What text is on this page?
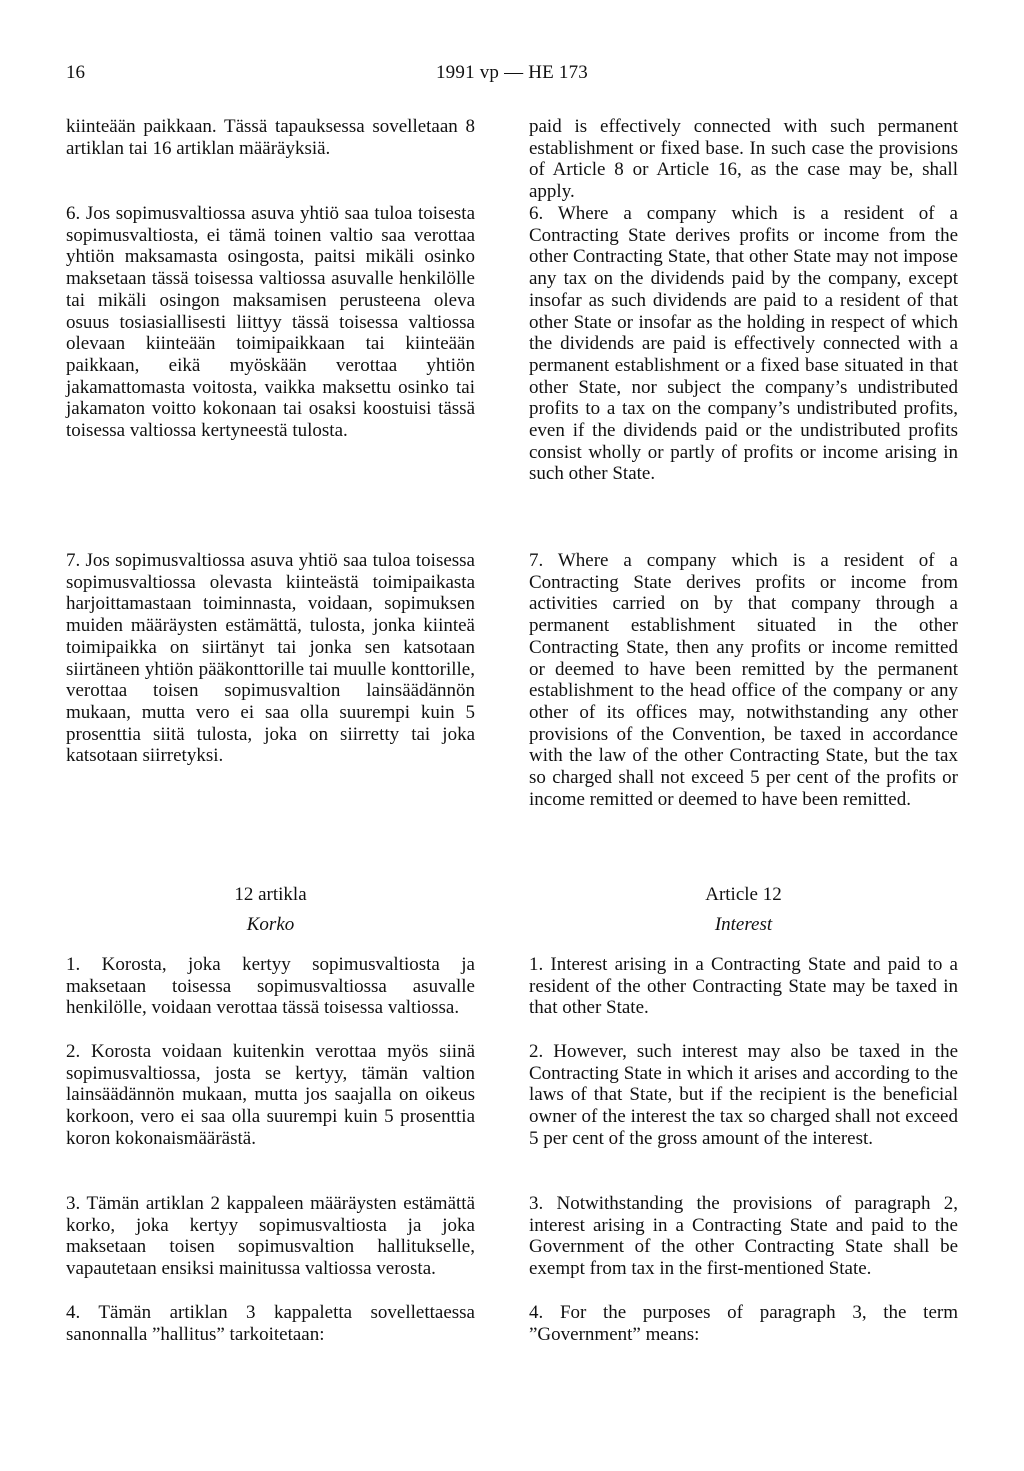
16	1991 vp — HE 173

kiinteään paikkaan. Tässä tapauksessa sovelletaan 8 artiklan tai 16 artiklan määräyksiä.

6. Jos sopimusvaltiossa asuva yhtiö saa tuloa toisesta sopimusvaltiosta, ei tämä toinen valtio saa verottaa yhtiön maksamasta osingosta, paitsi mikäli osinko maksetaan tässä toisessa valtiossa asuvalle henkilölle tai mikäli osingon maksamisen perusteena oleva osuus tosiasiallisesti liittyy tässä toisessa valtiossa olevaan kiinteään toimipaikkaan tai kiinteään paikkaan, eikä myöskään verottaa yhtiön jakamattomasta voitosta, vaikka maksettu osinko tai jakamaton voitto kokonaan tai osaksi koostuisi tässä toisessa valtiossa kertyneestä tulosta.

7. Jos sopimusvaltiossa asuva yhtiö saa tuloa toisessa sopimusvaltiossa olevasta kiinteästä toimipaikasta harjoittamastaan toiminnasta, voidaan, sopimuksen muiden määräysten estämättä, tulosta, jonka kiinteä toimipaikka on siirtänyt tai jonka sen katsotaan siirtäneen yhtiön pääkonttorille tai muulle konttorille, verottaa toisen sopimusvaltion lainsäädännön mukaan, mutta vero ei saa olla suurempi kuin 5 prosenttia siitä tulosta, joka on siirretty tai joka katsotaan siirretyksi.

12 artikla

Korko

1. Korosta, joka kertyy sopimusvaltiosta ja maksetaan toisessa sopimusvaltiossa asuvalle henkilölle, voidaan verottaa tässä toisessa valtiossa.

2. Korosta voidaan kuitenkin verottaa myös siinä sopimusvaltiossa, josta se kertyy, tämän valtion lainsäädännön mukaan, mutta jos saajalla on oikeus korkoon, vero ei saa olla suurempi kuin 5 prosenttia koron kokonaismäärästä.

3. Tämän artiklan 2 kappaleen määräysten estämättä korko, joka kertyy sopimusvaltiosta ja joka maksetaan toisen sopimusvaltion hallitukselle, vapautetaan ensiksi mainitussa valtiossa verosta.

4. Tämän artiklan 3 kappaletta sovellettaessa sanonnalla ”hallitus” tarkoitetaan:

paid is effectively connected with such permanent establishment or fixed base. In such case the provisions of Article 8 or Article 16, as the case may be, shall apply.

6. Where a company which is a resident of a Contracting State derives profits or income from the other Contracting State, that other State may not impose any tax on the dividends paid by the company, except insofar as such dividends are paid to a resident of that other State or insofar as the holding in respect of which the dividends are paid is effectively connected with a permanent establishment or a fixed base situated in that other State, nor subject the company’s undistributed profits to a tax on the company’s undistributed profits, even if the dividends paid or the undistributed profits consist wholly or partly of profits or income arising in such other State.

7. Where a company which is a resident of a Contracting State derives profits or income from activities carried on by that company through a permanent establishment situated in the other Contracting State, then any profits or income remitted or deemed to have been remitted by the permanent establishment to the head office of the company or any other of its offices may, notwithstanding any other provisions of the Convention, be taxed in accordance with the law of the other Contracting State, but the tax so charged shall not exceed 5 per cent of the profits or income remitted or deemed to have been remitted.

Article 12

Interest

1. Interest arising in a Contracting State and paid to a resident of the other Contracting State may be taxed in that other State.

2. However, such interest may also be taxed in the Contracting State in which it arises and according to the laws of that State, but if the recipient is the beneficial owner of the interest the tax so charged shall not exceed 5 per cent of the gross amount of the interest.

3. Notwithstanding the provisions of paragraph 2, interest arising in a Contracting State and paid to the Government of the other Contracting State shall be exempt from tax in the first-mentioned State.

4. For the purposes of paragraph 3, the term ”Government” means:
